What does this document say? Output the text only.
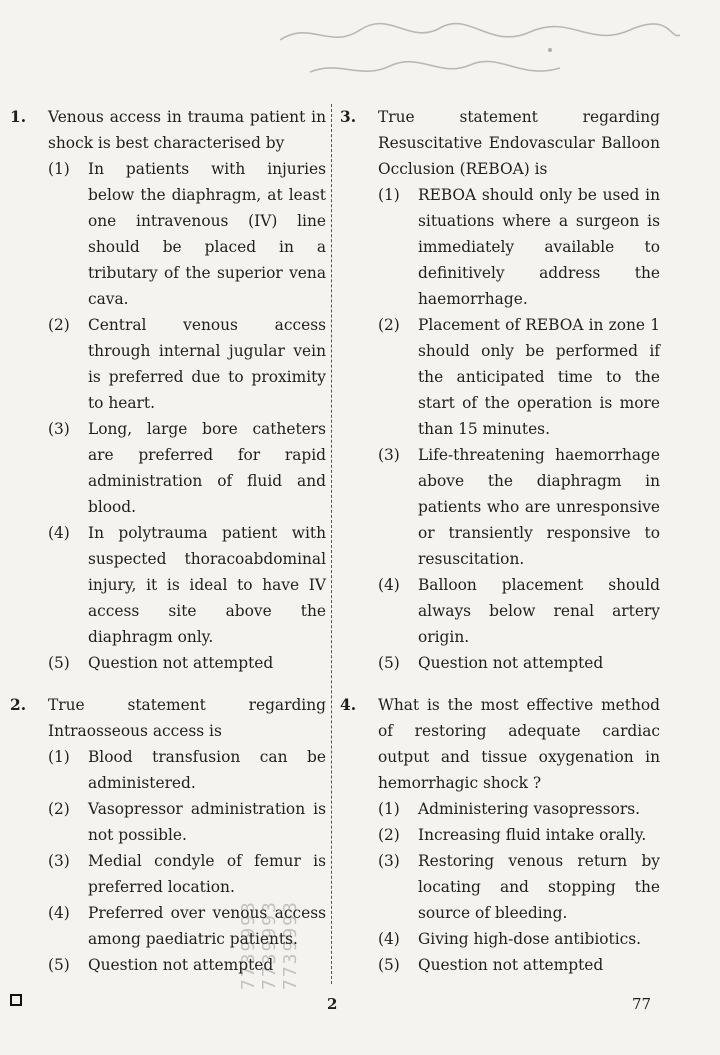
7739993 7739993 7739993
1. Venous access in trauma patient in shock is best characterised by
(1) In patients with injuries below the diaphragm, at least one intravenous (IV) line should be placed in a tributary of the superior vena cava.
(2) Central venous access through internal jugular vein is preferred due to proximity to heart.
(3) Long, large bore catheters are preferred for rapid administration of fluid and blood.
(4) In polytrauma patient with suspected thoracoabdominal injury, it is ideal to have IV access site above the diaphragm only.
(5) Question not attempted
2. True statement regarding Intraosseous access is
(1) Blood transfusion can be administered.
(2) Vasopressor administration is not possible.
(3) Medial condyle of femur is preferred location.
(4) Preferred over venous access among paediatric patients.
(5) Question not attempted
3. True statement regarding Resuscitative Endovascular Balloon Occlusion (REBOA) is
(1) REBOA should only be used in situations where a surgeon is immediately available to definitively address the haemorrhage.
(2) Placement of REBOA in zone 1 should only be performed if the anticipated time to the start of the operation is more than 15 minutes.
(3) Life-threatening haemorrhage above the diaphragm in patients who are unresponsive or transiently responsive to resuscitation.
(4) Balloon placement should always below renal artery origin.
(5) Question not attempted
4. What is the most effective method of restoring adequate cardiac output and tissue oxygenation in hemorrhagic shock ?
(1) Administering vasopressors.
(2) Increasing fluid intake orally.
(3) Restoring venous return by locating and stopping the source of bleeding.
(4) Giving high-dose antibiotics.
(5) Question not attempted
2	77
